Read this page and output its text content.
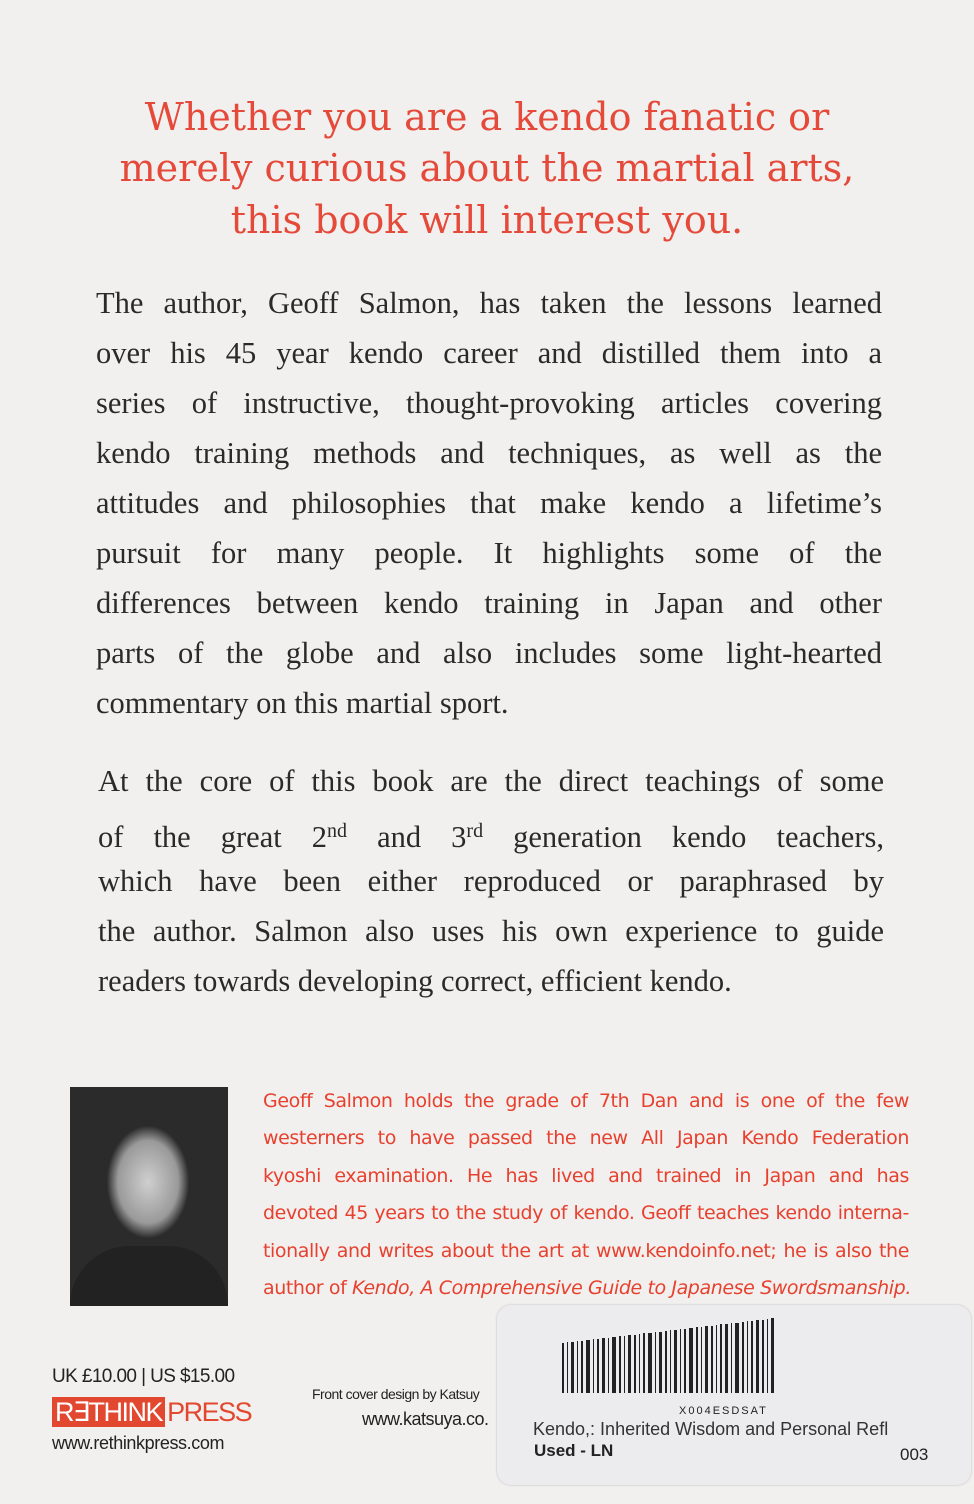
Whether you are a kendo fanatic or
merely curious about the martial arts,
this book will interest you.
The author, Geoff Salmon, has taken the lessons learned
over his 45 year kendo career and distilled them into a
series of instructive, thought-provoking articles covering
kendo training methods and techniques, as well as the
attitudes and philosophies that make kendo a lifetime’s
pursuit for many people. It highlights some of the
differences between kendo training in Japan and other
parts of the globe and also includes some light-hearted
commentary on this martial sport.
At the core of this book are the direct teachings of some
of the great 2nd and 3rd generation kendo teachers,
which have been either reproduced or paraphrased by
the author. Salmon also uses his own experience to guide
readers towards developing correct, efficient kendo.
Geoff Salmon holds the grade of 7th Dan and is one of the few
westerners to have passed the new All Japan Kendo Federation
kyoshi examination. He has lived and trained in Japan and has
devoted 45 years to the study of kendo. Geoff teaches kendo interna-
tionally and writes about the art at www.kendoinfo.net; he is also the
author of Kendo, A Comprehensive Guide to Japanese Swordsmanship.
UK £10.00 | US $15.00
R∃THINK PRESS
www.rethinkpress.com
Front cover design by Katsuy
www.katsuya.co.	X004ESDSAT
Kendo,: Inherited Wisdom and Personal Refl
Used - LN	003
